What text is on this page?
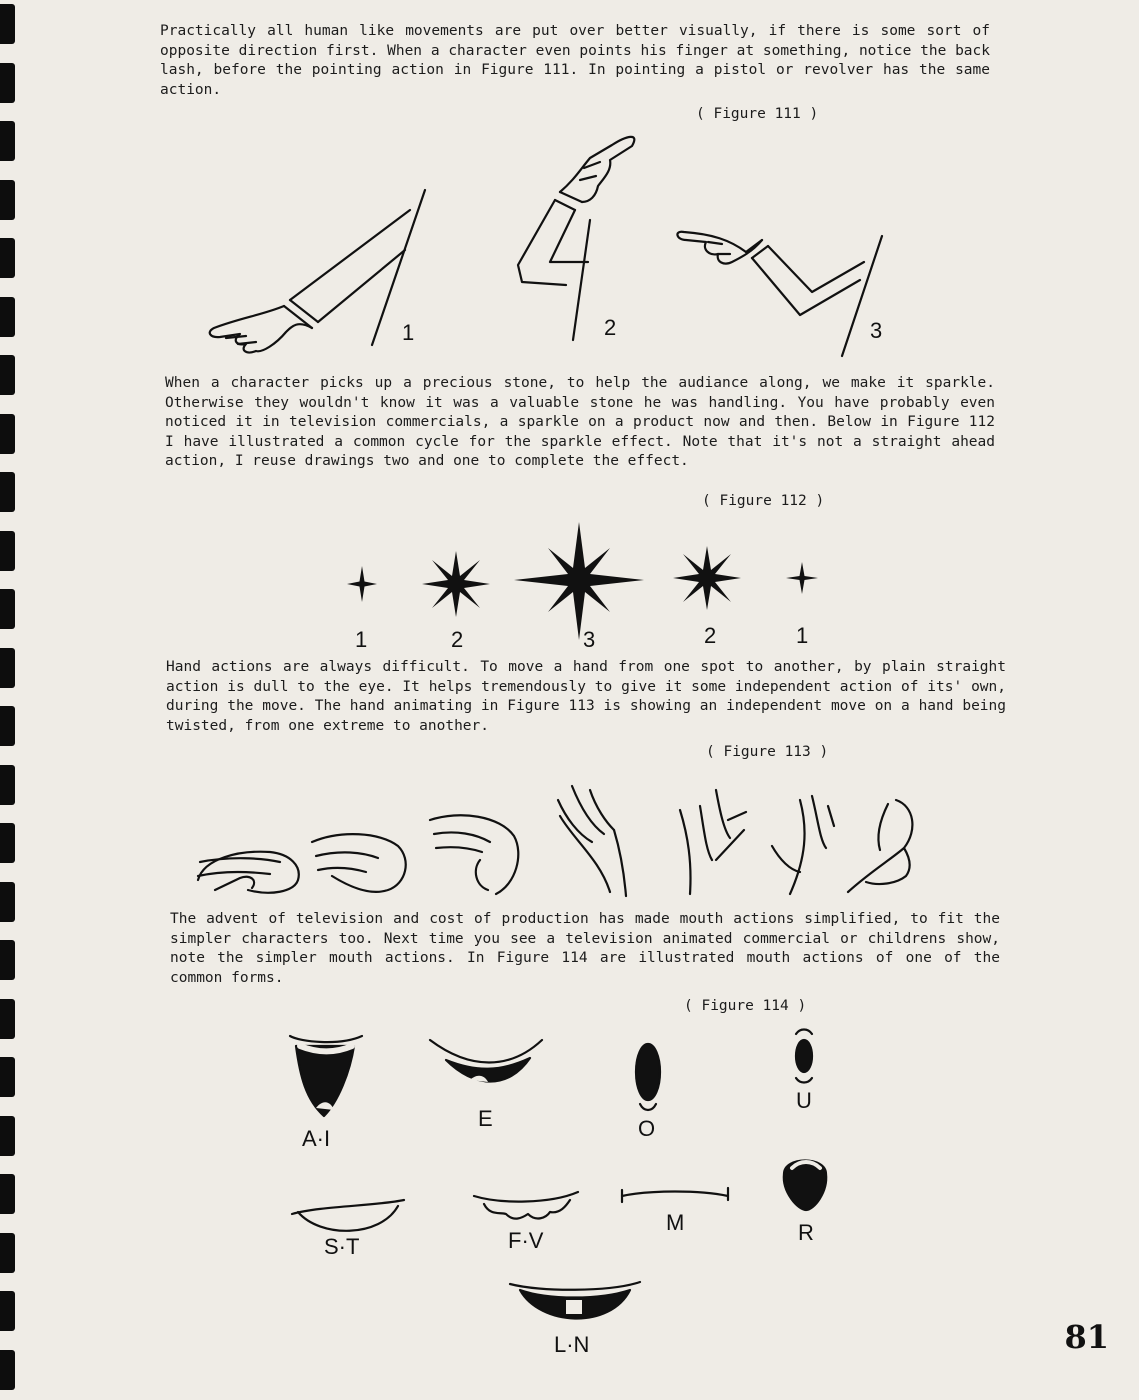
Practically all human like movements are put over better visually, if there is some sort of opposite direction first. When a character even points his finger at something, notice the back lash, before the pointing action in Figure 111. In pointing a pistol or revolver has the same action.

( Figure 111 )

When a character picks up a precious stone, to help the audiance along, we make it sparkle. Otherwise they wouldn't know it was a valuable stone he was handling. You have probably even noticed it in television commercials, a sparkle on a product now and then. Below in Figure 112 I have illustrated a common cycle for the sparkle effect. Note that it's not a straight ahead action, I reuse drawings two and one to complete the effect.

( Figure 112 )

Hand actions are always difficult. To move a hand from one spot to another, by plain straight action is dull to the eye. It helps tremendously to give it some independent action of its' own, during the move. The hand animating in Figure 113 is showing an independent move on a hand being twisted, from one extreme to another.

( Figure 113 )

The advent of television and cost of production has made mouth actions simplified, to fit the simpler characters too. Next time you see a television animated commercial or childrens show, note the simpler mouth actions. In Figure 114 are illustrated mouth actions of one of the common forms.

( Figure 114 )
1	2	3
1	2	3	2	1
A·I
E	O
U
S·T	F·V
M	R
L·N	81
